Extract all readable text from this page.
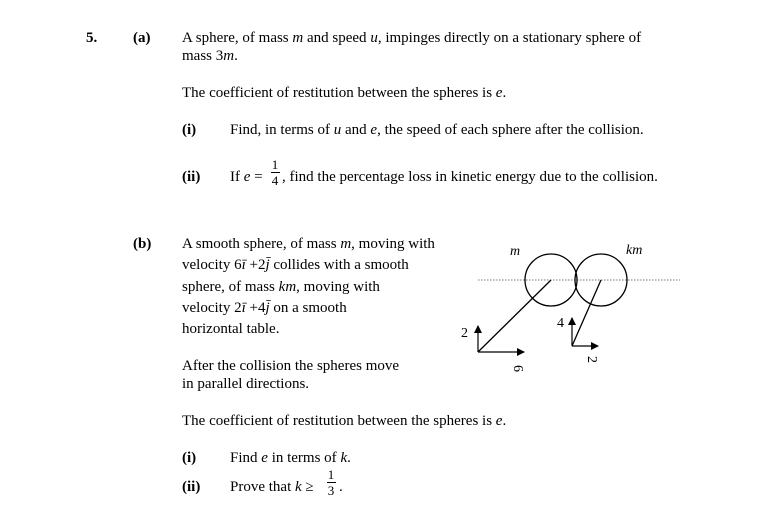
5. (a) A sphere, of mass m and speed u, impinges directly on a stationary sphere of
mass 3m.
The coefficient of restitution between the spheres is e.
(i) Find, in terms of u and e, the speed of each sphere after the collision.
(ii) If e =
1
4 , find the percentage loss in kinetic energy due to the collision.
(b) A smooth sphere, of mass m, moving with
velocity 6ī +2j̄ collides with a smooth
sphere, of mass km, moving with
velocity 2ī +4j̄ on a smooth
horizontal table.
After the collision the spheres move
in parallel directions.
The coefficient of restitution between the spheres is e.
(i) Find e in terms of k.
(ii) Prove that k ≥
1
3 .
m	km
2
6
4
2
